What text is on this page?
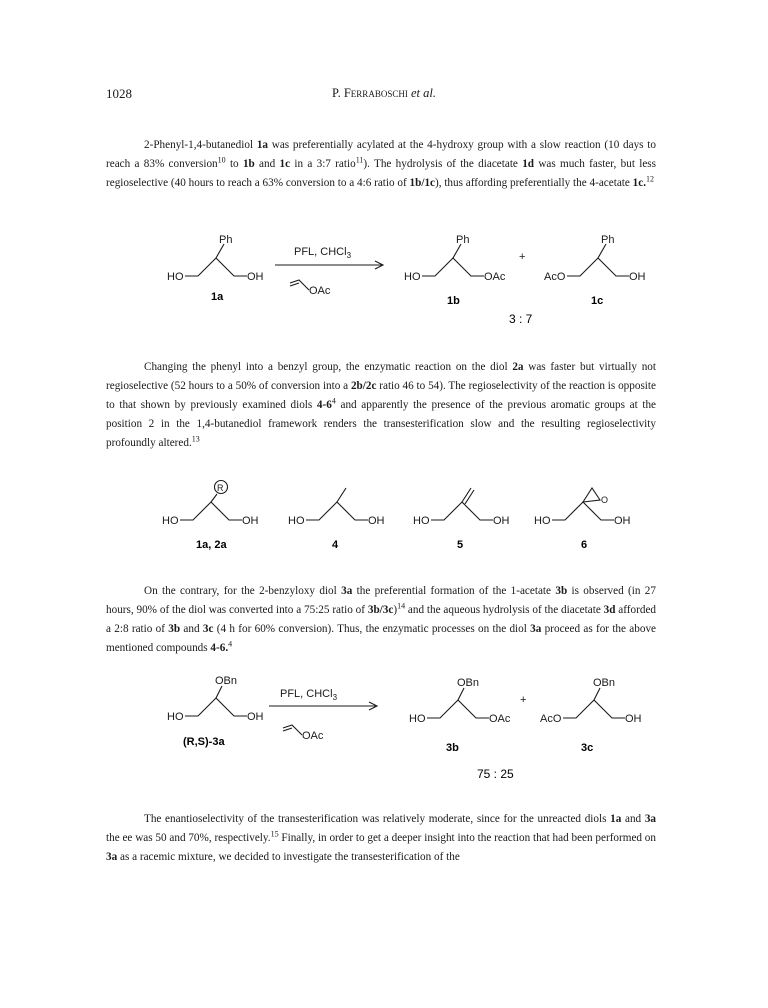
1028	P. Ferraboschi et al.

2-Phenyl-1,4-butanediol 1a was preferentially acylated at the 4-hydroxy group with a slow reaction (10 days to reach a 83% conversion$^{10}$ to 1b and 1c in a 3:7 ratio$^{11}$). The hydrolysis of the diacetate 1d was much faster, but less regioselective (40 hours to reach a 63% conversion to a 4:6 ratio of 1b/1c), thus affording preferentially the 4-acetate 1c.$^{12}$

Ph
HO	OH
PFL, CHCl$_3$
OAc
Ph
HO	OAc
+
Ph
AcO	OH
1a	1b	1c
3 : 7

Changing the phenyl into a benzyl group, the enzymatic reaction on the diol 2a was faster but virtually not regioselective (52 hours to a 50% of conversion into a 2b/2c ratio 46 to 54). The regioselectivity of the reaction is opposite to that shown by previously examined diols $4-6^4$ and apparently the presence of the previous aromatic groups at the position 2 in the 1,4-butanediol framework renders the transesterification slow and the resulting regioselectivity profoundly altered.$^{13}$

R
HO	OH	HO	OH	HO	OH HO	OH
O
1a, 2a	4	5	6

On the contrary, for the 2-benzyloxy diol 3a the preferential formation of the 1-acetate 3b is observed (in 27 hours, 90% of the diol was converted into a 75:25 ratio of 3b/3c)$^{14}$ and the aqueous hydrolysis of the diacetate 3d afforded a 2:8 ratio of 3b and 3c (4 h for 60% conversion). Thus, the enzymatic processes on the diol 3a proceed as for the above mentioned compounds 4-6.$^4$

OBn
HO	OH
PFL, CHCl$_3$
OAc
OBn
HO	OAc
+
OBn
AcO	OH
(R,S)-3a	3b	3c
75 : 25

The enantioselectivity of the transesterification was relatively moderate, since for the unreacted diols 1a and 3a the ee was 50 and 70%, respectively.$^{15}$ Finally, in order to get a deeper insight into the reaction that had been performed on 3a as a racemic mixture, we decided to investigate the transesterification of the
